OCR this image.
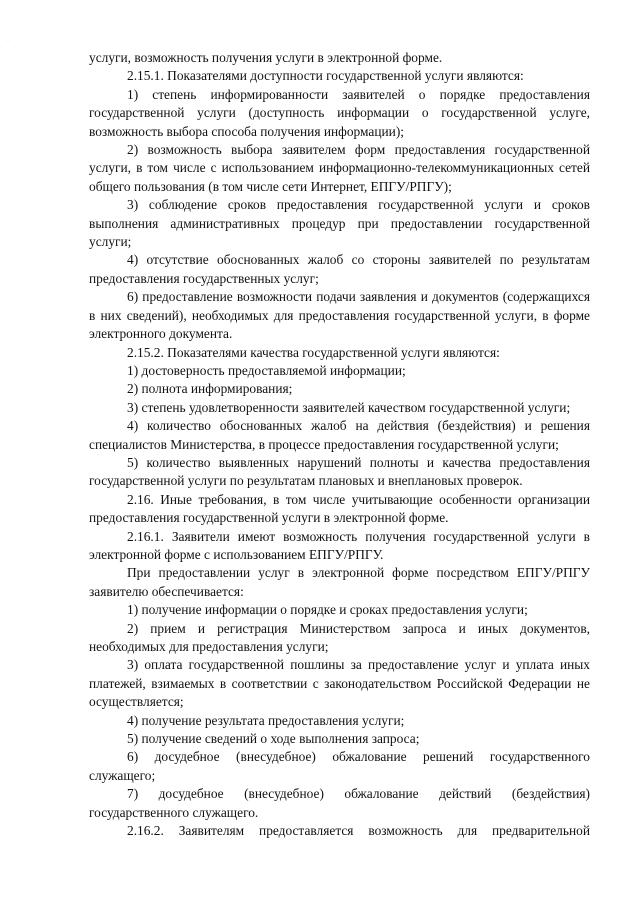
·

услуги, возможность получения услуги в электронной форме.

2.15.1. Показателями доступности государственной услуги являются:

1) степень информированности заявителей о порядке предоставления государственной услуги (доступность информации о государственной услуге, возможность выбора способа получения информации);

2) возможность выбора заявителем форм предоставления государственной услуги, в том числе с использованием информационно-телекоммуникационных сетей общего пользования (в том числе сети Интернет, ЕПГУ/РПГУ);

3) соблюдение сроков предоставления государственной услуги и сроков выполнения административных процедур при предоставлении государственной услуги;

4) отсутствие обоснованных жалоб со стороны заявителей по результатам предоставления государственных услуг;

6) предоставление возможности подачи заявления и документов (содержащихся в них сведений), необходимых для предоставления государственной услуги, в форме электронного документа.

2.15.2. Показателями качества государственной услуги являются:

1) достоверность предоставляемой информации;

2) полнота информирования;

3) степень удовлетворенности заявителей качеством государственной услуги;

4) количество обоснованных жалоб на действия (бездействия) и решения специалистов Министерства, в процессе предоставления государственной услуги;

5) количество выявленных нарушений полноты и качества предоставления государственной услуги по результатам плановых и внеплановых проверок.

2.16. Иные требования, в том числе учитывающие особенности организации предоставления государственной услуги в электронной форме.

2.16.1. Заявители имеют возможность получения государственной услуги в электронной форме с использованием ЕПГУ/РПГУ.

При предоставлении услуг в электронной форме посредством ЕПГУ/РПГУ заявителю обеспечивается:

1) получение информации о порядке и сроках предоставления услуги;

2) прием и регистрация Министерством запроса и иных документов, необходимых для предоставления услуги;

3) оплата государственной пошлины за предоставление услуг и уплата иных платежей, взимаемых в соответствии с законодательством Российской Федерации не осуществляется;

4) получение результата предоставления услуги;

5) получение сведений о ходе выполнения запроса;

6) досудебное (внесудебное) обжалование решений государственного служащего;

7) досудебное (внесудебное) обжалование действий (бездействия) государственного служащего.

2.16.2. Заявителям предоставляется возможность для предварительной
